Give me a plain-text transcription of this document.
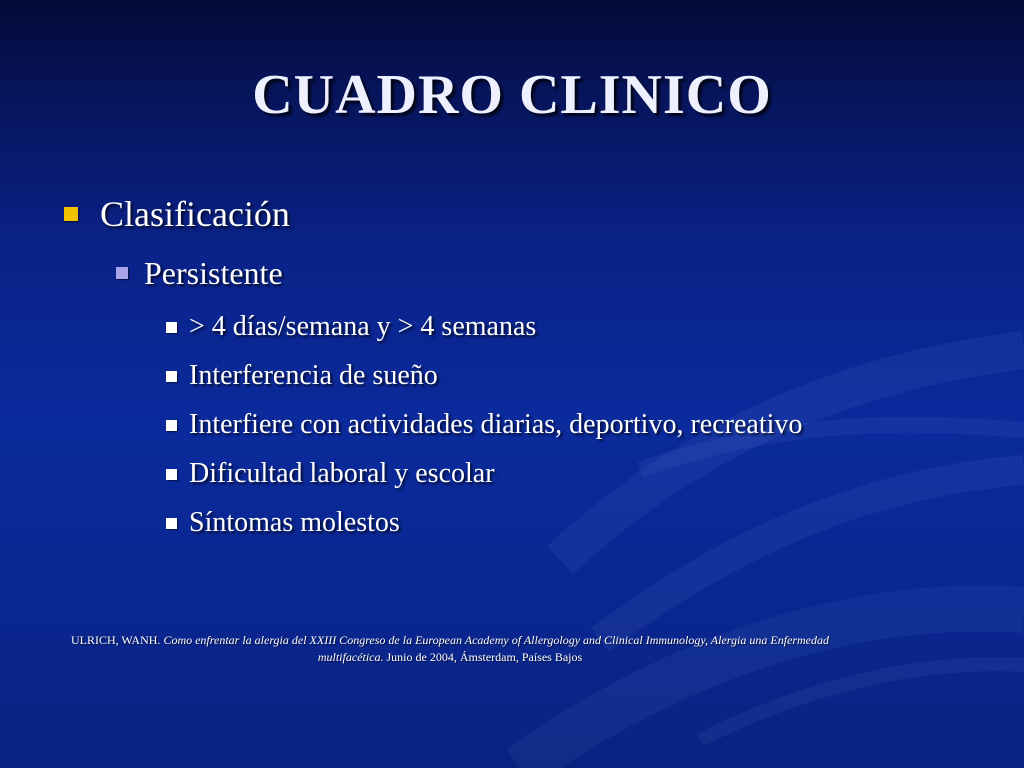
CUADRO CLINICO
Clasificación
Persistente
> 4 días/semana y > 4 semanas
Interferencia de sueño
Interfiere con actividades diarias, deportivo, recreativo
Dificultad laboral y escolar
Síntomas molestos
ULRICH, WANH. Como enfrentar la alergia del XXIII Congreso de la European Academy of Allergology and Clinical Immunology, Alergia una Enfermedad
multifacética. Junio de 2004, Ámsterdam, Países Bajos
